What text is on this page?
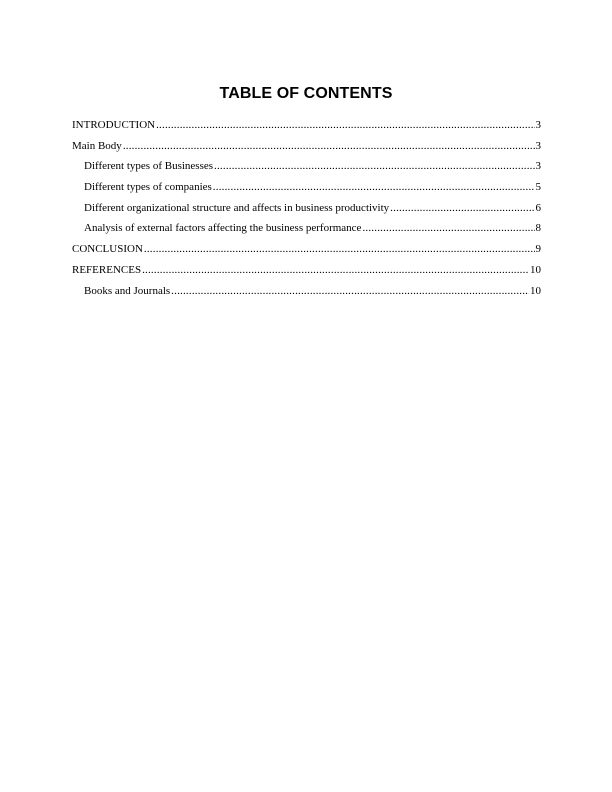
TABLE OF CONTENTS
INTRODUCTION .....	3
Main Body .....	3
Different types of Businesses .....	3
Different types of companies .....	5
Different organizational structure and affects in business productivity .....	6
Analysis of external factors affecting the business performance .....	8
CONCLUSION .....	9
REFERENCES .....	10
Books and Journals .....	10
